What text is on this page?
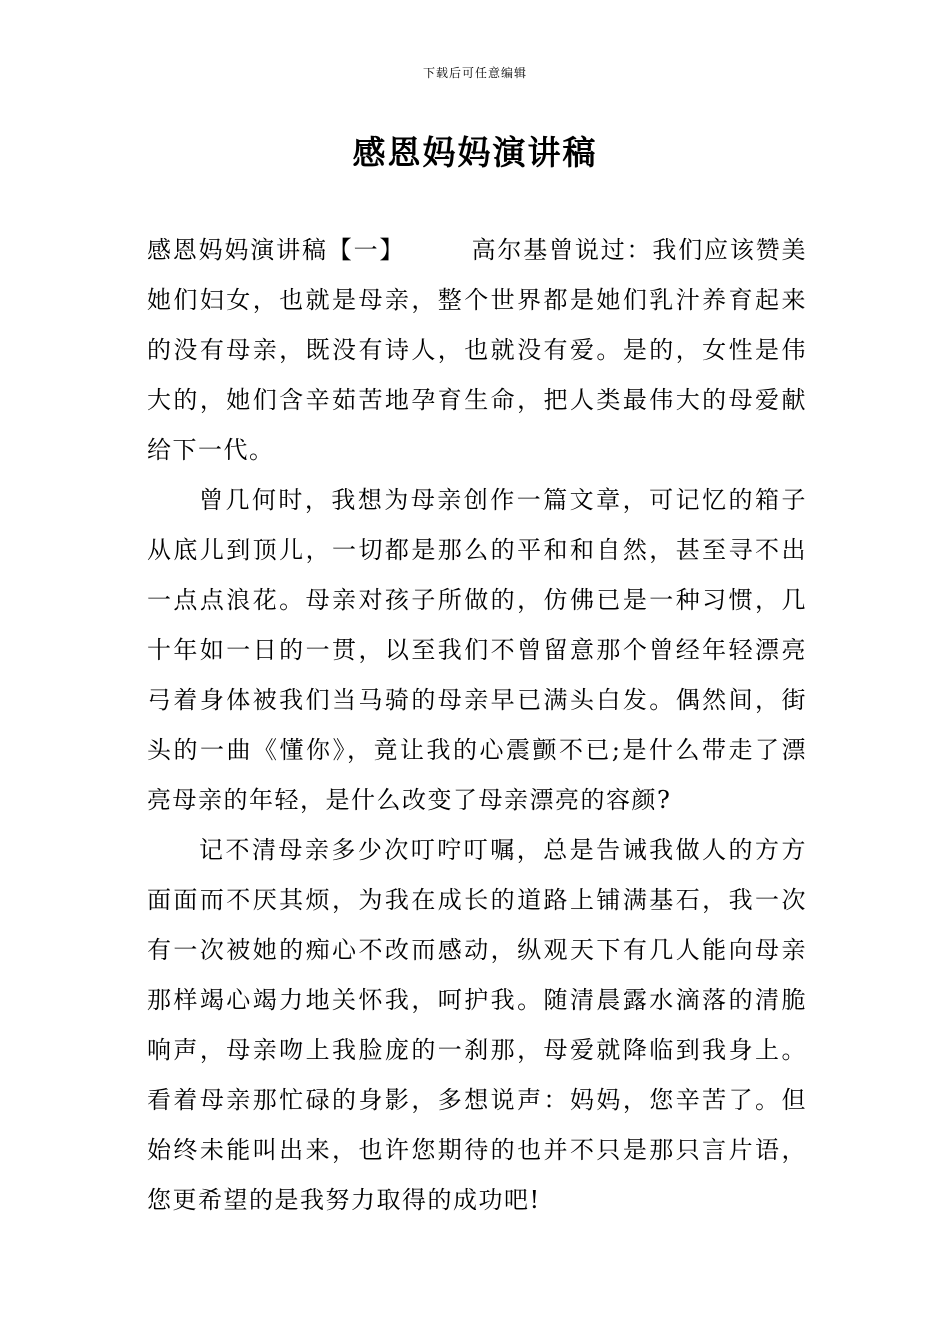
下载后可任意编辑
感恩妈妈演讲稿

感恩妈妈演讲稿【一】	高尔基曾说过：我们应该赞美她们妇女，也就是母亲，整个世界都是她们乳汁养育起来的没有母亲，既没有诗人，也就没有爱。是的，女性是伟大的，她们含辛茹苦地孕育生命，把人类最伟大的母爱献给下一代。

曾几何时，我想为母亲创作一篇文章，可记忆的箱子从底儿到顶儿，一切都是那么的平和和自然，甚至寻不出一点点浪花。母亲对孩子所做的，仿佛已是一种习惯，几十年如一日的一贯，以至我们不曾留意那个曾经年轻漂亮弓着身体被我们当马骑的母亲早已满头白发。偶然间，街头的一曲《懂你》，竟让我的心震颤不已;是什么带走了漂亮母亲的年轻，是什么改变了母亲漂亮的容颜?

记不清母亲多少次叮咛叮嘱，总是告诫我做人的方方面面而不厌其烦，为我在成长的道路上铺满基石，我一次有一次被她的痴心不改而感动，纵观天下有几人能向母亲那样竭心竭力地关怀我，呵护我。随清晨露水滴落的清脆响声，母亲吻上我脸庞的一刹那，母爱就降临到我身上。看着母亲那忙碌的身影，多想说声：妈妈，您辛苦了。但始终未能叫出来，也许您期待的也并不只是那只言片语，您更希望的是我努力取得的成功吧!
